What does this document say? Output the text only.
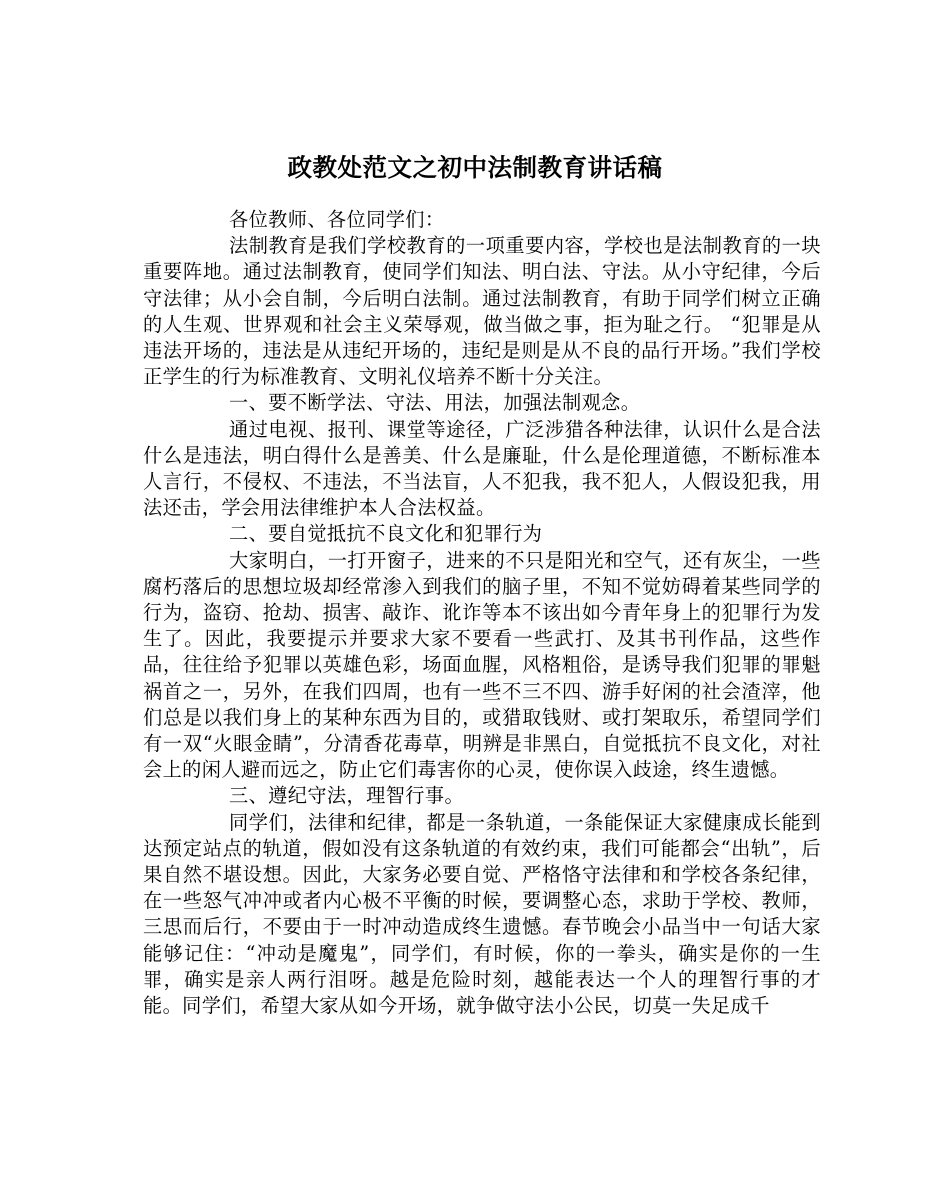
政教处范文之初中法制教育讲话稿

各位教师、各位同学们：

法制教育是我们学校教育的一项重要内容，学校也是法制教育的一块重要阵地。通过法制教育，使同学们知法、明白法、守法。从小守纪律，今后守法律；从小会自制，今后明白法制。通过法制教育，有助于同学们树立正确的人生观、世界观和社会主义荣辱观，做当做之事，拒为耻之行。 “犯罪是从违法开场的，违法是从违纪开场的，违纪是则是从不良的品行开场。”我们学校正学生的行为标准教育、文明礼仪培养不断十分关注。

一、要不断学法、守法、用法，加强法制观念。

通过电视、报刊、课堂等途径，广泛涉猎各种法律，认识什么是合法什么是违法，明白得什么是善美、什么是廉耻，什么是伦理道德，不断标准本人言行，不侵权、不违法，不当法盲，人不犯我，我不犯人，人假设犯我，用法还击，学会用法律维护本人合法权益。

二、要自觉抵抗不良文化和犯罪行为

大家明白，一打开窗子，进来的不只是阳光和空气，还有灰尘，一些腐朽落后的思想垃圾却经常渗入到我们的脑子里，不知不觉妨碍着某些同学的行为，盗窃、抢劫、损害、敲诈、讹诈等本不该出如今青年身上的犯罪行为发生了。因此，我要提示并要求大家不要看一些武打、及其书刊作品，这些作品，往往给予犯罪以英雄色彩，场面血腥，风格粗俗，是诱导我们犯罪的罪魁祸首之一，另外，在我们四周，也有一些不三不四、游手好闲的社会渣滓，他们总是以我们身上的某种东西为目的，或猎取钱财、或打架取乐，希望同学们有一双“火眼金睛”，分清香花毒草，明辨是非黑白，自觉抵抗不良文化，对社会上的闲人避而远之，防止它们毒害你的心灵，使你误入歧途，终生遗憾。

三、遵纪守法，理智行事。

同学们，法律和纪律，都是一条轨道，一条能保证大家健康成长能到达预定站点的轨道，假如没有这条轨道的有效约束，我们可能都会“出轨”，后果自然不堪设想。因此，大家务必要自觉、严格恪守法律和和学校各条纪律，在一些怒气冲冲或者内心极不平衡的时候，要调整心态，求助于学校、教师，三思而后行，不要由于一时冲动造成终生遗憾。春节晚会小品当中一句话大家能够记住：“冲动是魔鬼”，同学们，有时候，你的一拳头，确实是你的一生罪，确实是亲人两行泪呀。越是危险时刻，越能表达一个人的理智行事的才能。同学们，希望大家从如今开场，就争做守法小公民，切莫一失足成千
